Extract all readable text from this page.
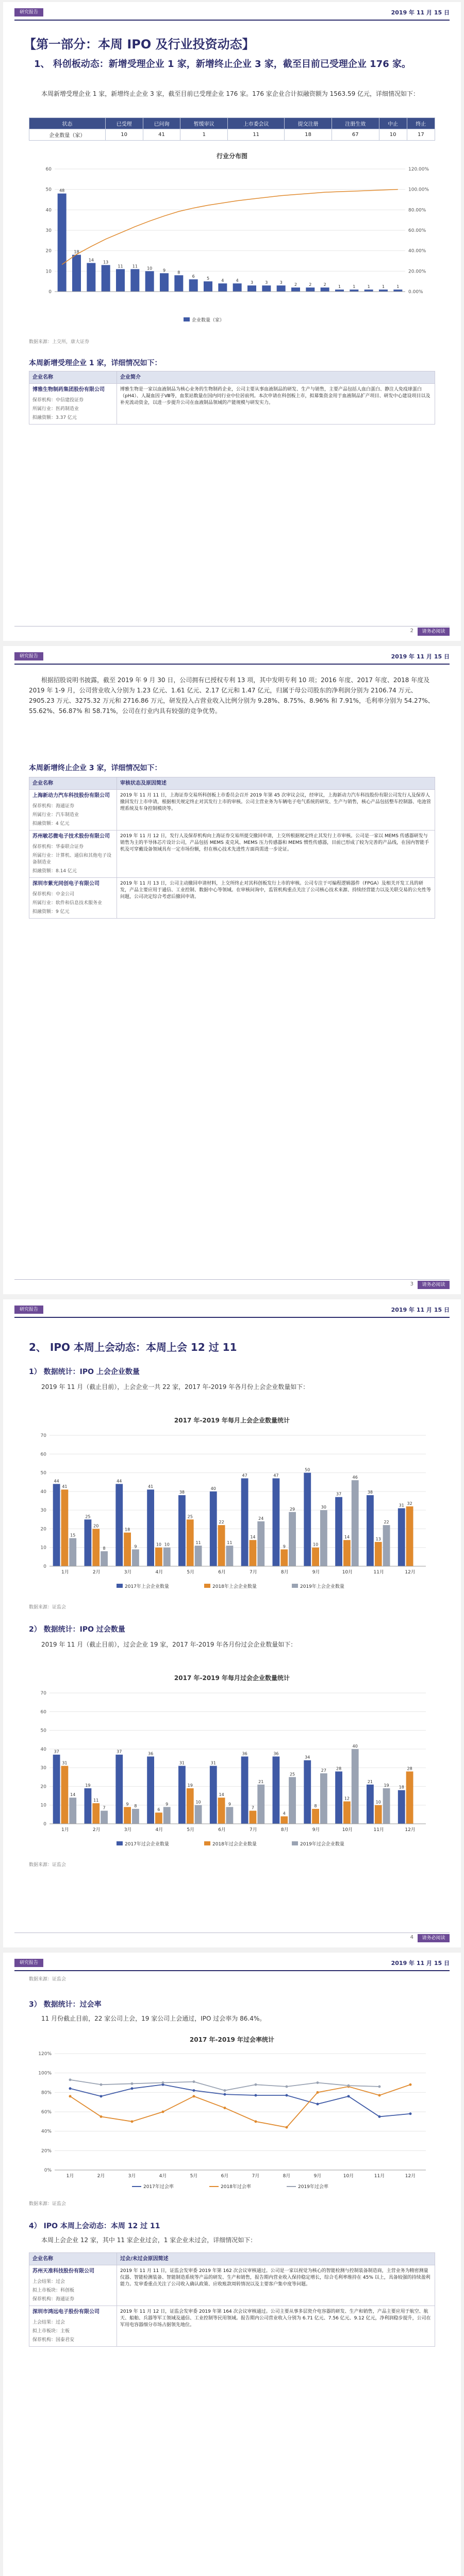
研究报告	2019 年 11 月 15 日
【第一部分：本周 IPO 及行业投资动态】
1、 科创板动态：新增受理企业 1 家，新增终止企业 3 家，截至目前已受理企业 176 家。
本周新增受理企业 1 家，新增终止企业 3 家，截至目前已受理企业 176 家。176 家企业合计拟融资额为 1563.59 亿元，详细情况如下：
状态	已受理	已问询	暂缓审议	上市委会议	提交注册	注册生效	中止	终止
企业数量（家）	10	41	1	11	18	67	10	17
行业分布图
0
10
20
30
40
50
60
0.00%
20.00%
40.00%
60.00%
80.00%
100.00%
120.00%
48
18
14 13
11 11 10	9	8
6	5	4	4	3	3	3	2	2	2	1	1	1	1	1
企业数量（家）
数据来源：上交所，康大证券
本周新增受理企业 1 家，详细情况如下：
企业名称	企业简介

博雅生物制药集团股份有限公司
保荐机构：中信建投证券
所属行业：医药制造业
拟融资额：3.37 亿元	博雅生物是一家以血液制品为核心业务的生物制药企业，公司主要从事血液制品的研发、生产与销售，主要产品包括人血白蛋白、静注人免疫球蛋白（pH4）、人凝血因子Ⅷ等，血浆站数量在国内同行业中位居前列。本次申请在科创板上市，拟募集资金用于血液制品扩产项目、研发中心建设项目以及补充流动资金，以进一步提升公司在血液制品领域的产能规模与研发实力。
2	请务必阅读
研究报告	2019 年 11 月 15 日
根据招股说明书披露，截至 2019 年 9 月 30 日，公司拥有已授权专利 13 项，其中发明专利 10 项；2016 年度、2017 年度、2018 年度及 2019 年 1-9 月，公司营业收入分别为 1.23 亿元、1.61 亿元、2.17 亿元和 1.47 亿元，归属于母公司股东的净利润分别为 2106.74 万元、2905.23 万元、3275.32 万元和 2716.86 万元，研发投入占营业收入比例分别为 9.28%、8.75%、8.96% 和 7.91%，毛利率分别为 54.27%、55.62%、56.87% 和 58.71%，公司在行业内具有较强的竞争优势。
本周新增终止企业 3 家，详细情况如下：
企业名称	审核状态及原因简述

上海新动力汽车科技股份有限公司
保荐机构：海通证券
所属行业：汽车制造业
拟融资额：4 亿元	2019 年 11 月 11 日，上海证券交易所科创板上市委员会召开 2019 年第 45 次审议会议，经审议，上海新动力汽车科技股份有限公司发行人及保荐人撤回发行上市申请，根据相关规定终止对其发行上市的审核。公司主营业务为车辆电子电气系统的研发、生产与销售，核心产品包括整车控制器、电池管理系统及车身控制模块等。

苏州敏芯微电子技术股份有限公司
保荐机构：华泰联合证券
所属行业：计算机、通信和其他电子设备制造业
拟融资额：8.14 亿元	2019 年 11 月 12 日，发行人及保荐机构向上海证券交易所提交撤回申请，上交所根据规定终止其发行上市审核。公司是一家以 MEMS 传感器研发与销售为主的半导体芯片设计公司，产品包括 MEMS 麦克风、MEMS 压力传感器和 MEMS 惯性传感器，目前已形成了较为完善的产品线，在国内智能手机及可穿戴设备领域具有一定市场份额，但在核心技术先进性方面尚需进一步论证。

深圳市紫光同创电子有限公司
保荐机构：中金公司
所属行业：软件和信息技术服务业
拟融资额：9 亿元	2019 年 11 月 13 日，公司主动撤回申请材料，上交所终止对其科创板发行上市的审核。公司专注于可编程逻辑器件（FPGA）及相关开发工具的研发，产品主要应用于通信、工业控制、数据中心等领域。在审核问询中，监管机构重点关注了公司核心技术来源、持续经营能力以及关联交易的公允性等问题，公司决定综合考虑后撤回申请。
3	请务必阅读
研究报告	2019 年 11 月 15 日
2、 IPO 本周上会动态：本周上会 12 过 11
1） 数据统计：IPO 上会企业数量
2019 年 11 月（截止目前），上会企业一共 22 家，2017 年-2019 年各月份上会企业数量如下：
2017 年-2019 年每月上会企业数量统计
0
10
20
30
40
50
60
70
44
41
15
1月
25
20
8
2月
44
18
9
3月
41
10 10
4月
38
25
11
5月
40
22
11
6月
47
14
24
7月
47
9
29
8月
50
10
30
9月
37
14
46
10月
38
13
22
11月
31 32
12月
2017年上会企业数量	2018年上会企业数量	2019年上会企业数量
数据来源：证监会
2） 数据统计：IPO 过会数量
2019 年 11 月（截止目前），过会企业 19 家，2017 年-2019 年各月份过会企业数量如下：
2017 年-2019 年每月过会企业数量统计
0
10
20
30
40
50
60
70
37
31
14
1月
19
11
7
2月
37
9 8
3月
36
6
9
4月
31
19
10
5月
31
14
9
6月
36
7
21
7月
36
4
25
8月
34
8
27
9月
28
12
40
10月
21
10
19
11月
18
28
12月
2017年过会企业数量	2018年过会企业数量	2019年过会企业数量
数据来源：证监会
4	请务必阅读
研究报告	2019 年 11 月 15 日
数据来源：证监会
3） 数据统计：过会率
11 月份截止目前，22 家公司上会，19 家公司上会通过，IPO 过会率为 86.4%。
2017 年-2019 年过会率统计
0%
20%
40%
60%
80%
100%
120%
1月	2月	3月	4月	5月	6月	7月	8月	9月	10月	11月	12月
2017年过会率	2018年过会率	2019年过会率
数据来源：证监会
4） IPO 本周上会动态：本周 12 过 11
本周上会企业 12 家，其中 11 家企业过会，1 家企业未过会，详细情况如下：
企业名称	过会/未过会原因简述

苏州天准科技股份有限公司
上会结果：过会
拟上市板块：科创板
保荐机构：海通证券	2019 年 11 月 11 日，证监会发审委 2019 年第 162 次会议审核通过。公司是一家以视觉为核心的智能检测与控制装备制造商，主营业务为精密测量仪器、智能检测装备、智能制造系统等产品的研发、生产和销售，报告期内营业收入保持稳定增长，综合毛利率维持在 45% 以上，具备较强的持续盈利能力。发审委重点关注了公司收入确认政策、应收账款周转情况以及主要客户集中度等问题。

深圳市鸿远电子股份有限公司
上会结果：过会
拟上市板块：主板
保荐机构：国泰君安	2019 年 11 月 12 日，证监会发审委 2019 年第 164 次会议审核通过。公司主要从事多层瓷介电容器的研发、生产和销售，产品主要应用于航空、航天、船舶、兵器等军工领域及通信、工业控制等民用领域。报告期内公司营业收入分别为 6.71 亿元、7.56 亿元、9.12 亿元，净利润稳步提升，公司在军用电容器细分市场占据领先地位。
